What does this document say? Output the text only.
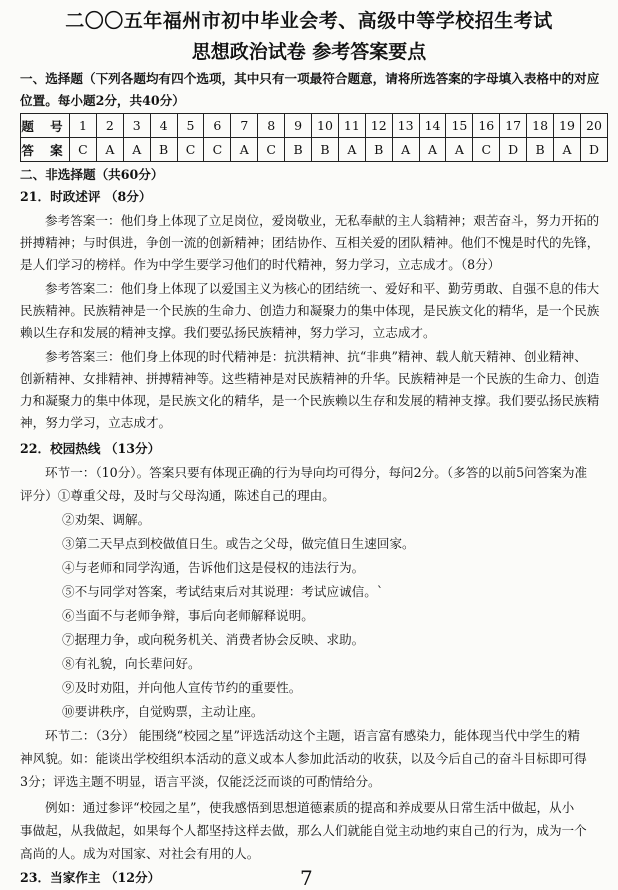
二〇〇五年福州市初中毕业会考、高级中等学校招生考试
思想政治试卷 参考答案要点
一、选择题（下列各题均有四个选项，其中只有一项最符合题意，请将所选答案的字母填入表格中的对应
位置。每小题2分，共40分）
题 号	1	2	3	4	5	6	7	8	9	10	11	12	13	14	15	16	17	18	19	20
答 案	C	A	A	B	C	C	A	C	B	B	A	B	A	A	A	C	D	B	A	D
二、非选择题（共60分）
21．时政述评 （8分）
参考答案一：他们身上体现了立足岗位，爱岗敬业，无私奉献的主人翁精神；艰苦奋斗，努力开拓的
拼搏精神；与时俱进，争创一流的创新精神；团结协作、互相关爱的团队精神。他们不愧是时代的先锋，
是人们学习的榜样。作为中学生要学习他们的时代精神，努力学习，立志成才。（8分）
参考答案二：他们身上体现了以爱国主义为核心的团结统一、爱好和平、勤劳勇敢、自强不息的伟大
民族精神。民族精神是一个民族的生命力、创造力和凝聚力的集中体现，是民族文化的精华，是一个民族
赖以生存和发展的精神支撑。我们要弘扬民族精神，努力学习，立志成才。
参考答案三：他们身上体现的时代精神是：抗洪精神、抗“非典”精神、载人航天精神、创业精神、
创新精神、女排精神、拼搏精神等。这些精神是对民族精神的升华。民族精神是一个民族的生命力、创造
力和凝聚力的集中体现，是民族文化的精华，是一个民族赖以生存和发展的精神支撑。我们要弘扬民族精
神，努力学习，立志成才。
22．校园热线 （13分）
环节一：（10分）。答案只要有体现正确的行为导向均可得分，每问2分。（多答的以前5问答案为准
评分）①尊重父母，及时与父母沟通，陈述自己的理由。
②劝架、调解。
③第二天早点到校做值日生。或告之父母，做完值日生速回家。
④与老师和同学沟通，告诉他们这是侵权的违法行为。
⑤不与同学对答案，考试结束后对其说理：考试应诚信。`
⑥当面不与老师争辩，事后向老师解释说明。
⑦据理力争，或向税务机关、消费者协会反映、求助。
⑧有礼貌，向长辈问好。
⑨及时劝阻，并向他人宣传节约的重要性。
⑩要讲秩序，自觉购票，主动让座。
环节二：（3分） 能围绕“校园之星”评选活动这个主题，语言富有感染力，能体现当代中学生的精
神风貌。如：能谈出学校组织本活动的意义或本人参加此活动的收获，以及今后自己的奋斗目标即可得
3分；评选主题不明显，语言平淡，仅能泛泛而谈的可酌情给分。
例如：通过参评“校园之星”，使我感悟到思想道德素质的提高和养成要从日常生活中做起，从小
事做起，从我做起，如果每个人都坚持这样去做，那么人们就能自觉主动地约束自己的行为，成为一个
高尚的人。成为对国家、对社会有用的人。
23．当家作主 （12分）	7
